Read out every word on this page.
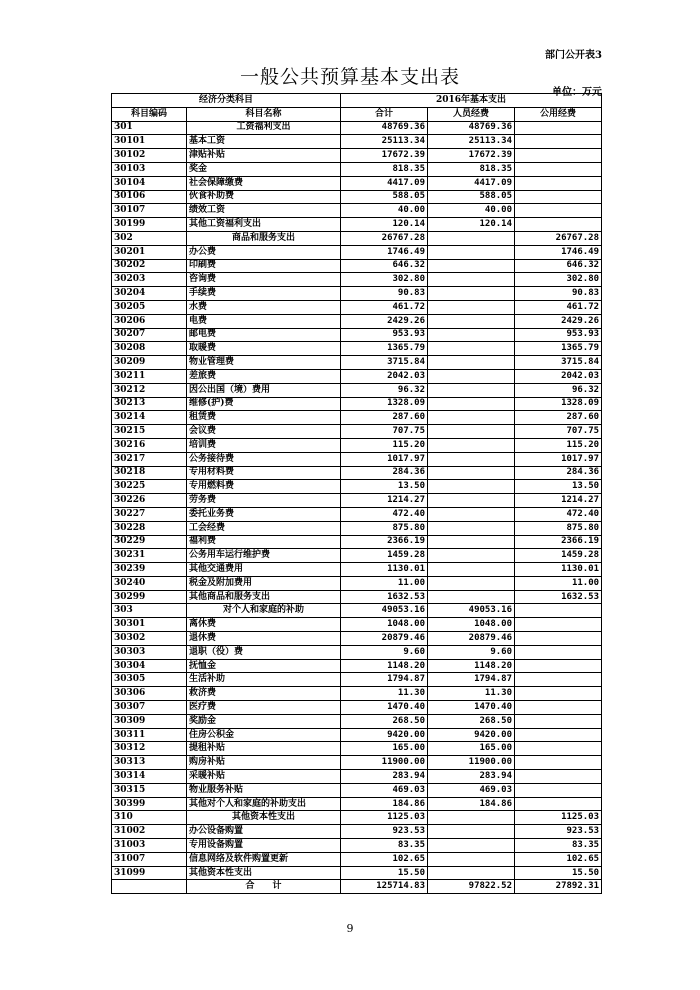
部门公开表3
一般公共预算基本支出表
单位：万元
经济分类科目		2016年基本支出		
科目编码	科目名称	合计	人员经费	公用经费
301	工资福利支出	48769.36	48769.36	
30101	基本工资	25113.34	25113.34	
30102	津贴补贴	17672.39	17672.39	
30103	奖金	818.35	818.35	
30104	社会保障缴费	4417.09	4417.09	
30106	伙食补助费	588.05	588.05	
30107	绩效工资	40.00	40.00	
30199	其他工资福利支出	120.14	120.14	
302	商品和服务支出	26767.28		26767.28
30201	办公费	1746.49		1746.49
30202	印刷费	646.32		646.32
30203	咨询费	302.80		302.80
30204	手续费	90.83		90.83
30205	水费	461.72		461.72
30206	电费	2429.26		2429.26
30207	邮电费	953.93		953.93
30208	取暖费	1365.79		1365.79
30209	物业管理费	3715.84		3715.84
30211	差旅费	2042.03		2042.03
30212	因公出国（境）费用	96.32		96.32
30213	维修(护)费	1328.09		1328.09
30214	租赁费	287.60		287.60
30215	会议费	707.75		707.75
30216	培训费	115.20		115.20
30217	公务接待费	1017.97		1017.97
30218	专用材料费	284.36		284.36
30225	专用燃料费	13.50		13.50
30226	劳务费	1214.27		1214.27
30227	委托业务费	472.40		472.40
30228	工会经费	875.80		875.80
30229	福利费	2366.19		2366.19
30231	公务用车运行维护费	1459.28		1459.28
30239	其他交通费用	1130.01		1130.01
30240	税金及附加费用	11.00		11.00
30299	其他商品和服务支出	1632.53		1632.53
303	对个人和家庭的补助	49053.16	49053.16	
30301	离休费	1048.00	1048.00	
30302	退休费	20879.46	20879.46	
30303	退职（役）费	9.60	9.60	
30304	抚恤金	1148.20	1148.20	
30305	生活补助	1794.87	1794.87	
30306	救济费	11.30	11.30	
30307	医疗费	1470.40	1470.40	
30309	奖励金	268.50	268.50	
30311	住房公积金	9420.00	9420.00	
30312	提租补贴	165.00	165.00	
30313	购房补贴	11900.00	11900.00	
30314	采暖补贴	283.94	283.94	
30315	物业服务补贴	469.03	469.03	
30399	其他对个人和家庭的补助支出	184.86	184.86	
310	其他资本性支出	1125.03		1125.03
31002	办公设备购置	923.53		923.53
31003	专用设备购置	83.35		83.35
31007	信息网络及软件购置更新	102.65		102.65
31099	其他资本性支出	15.50		15.50
	合　　计	125714.83	97822.52	27892.31
9
